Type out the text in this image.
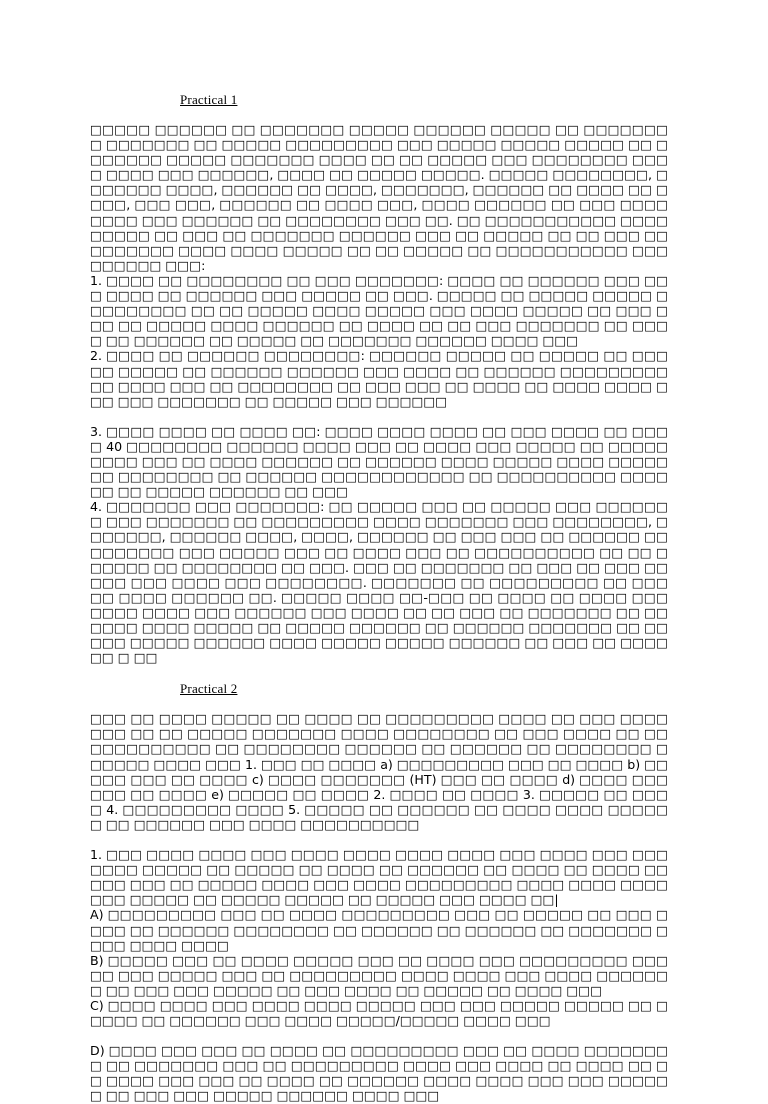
Practical 1

□□□□□ □□□□□□ □□ □□□□□□□ □□□□□ □□□□□□ □□□□□ □□ □□□□□□□□ □□□□□□□ □□ □□□□□ □□□□□□□□□ □□□ □□□□□ □□□□□ □□□□□ □□ □□□□□□□ □□□□□ □□□□□□□ □□□□ □□ □□ □□□□□ □□□ □□□□□□□□ □□□□ □□□□ □□□ □□□□□□, □□□□ □□ □□□□□ □□□□□. □□□□□ □□□□□□□□, □□□□□□□ □□□□, □□□□□□ □□ □□□□, □□□□□□□, □□□□□□ □□ □□□□ □□ □□□□, □□□ □□□, □□□□□□ □□ □□□□ □□□, □□□□ □□□□□□ □□ □□□ □□□□ □□□□ □□□ □□□□□□ □□ □□□□□□□□ □□□ □□. □□ □□□□□□□□□□□ □□□□□□□□□ □□ □□□ □□ □□□□□□□ □□□□□□ □□□ □□ □□□□□ □□ □□ □□□ □□ □□□□□□□ □□□□ □□□□ □□□□□ □□ □□ □□□□□ □□ □□□□□□□□□□□ □□□ □□□□□□ □□□:

1. □□□□ □□ □□□□□□□□ □□ □□□ □□□□□□□: □□□□ □□ □□□□□□ □□□ □□□ □□□□ □□ □□□□□□ □□□ □□□□□ □□ □□□. □□□□□ □□ □□□□□ □□□□□ □□□□□□□□□ □□ □□ □□□□□ □□□□ □□□□□ □□□ □□□□ □□□□□ □□ □□□ □□□ □□ □□□□□ □□□□ □□□□□□ □□ □□□□ □□ □□ □□□ □□□□□□□ □□ □□□□ □□ □□□□□□ □□ □□□□□ □□ □□□□□□□ □□□□□□ □□□□ □□□

2. □□□□ □□ □□□□□□ □□□□□□□□: □□□□□□ □□□□□ □□ □□□□□ □□ □□□ □□ □□□□□ □□ □□□□□□ □□□□□□ □□□ □□□□ □□ □□□□□□ □□□□□□□□□ □□ □□□□ □□□ □□ □□□□□□□□ □□ □□□ □□□ □□ □□□□ □□ □□□□ □□□□ □□□ □□□ □□□□□□□ □□ □□□□□ □□□ □□□□□□

3. □□□□ □□□□ □□ □□□□ □□: □□□□ □□□□ □□□□ □□ □□□ □□□□ □□ □□□□ 40 □□□□□□□□ □□□□□□ □□□□ □□□ □□ □□□□ □□□ □□□□□ □□ □□□□□□□□□ □□□ □□ □□□□ □□□□□□ □□ □□□□□□ □□□□ □□□□□ □□□□ □□□□□□□ □□□□□□□□ □□ □□□□□□ □□□□□□□□□□□□ □□ □□□□□□□□□□ □□□□□□ □□ □□□□□ □□□□□□ □□ □□□

4. □□□□□□□ □□□ □□□□□□□: □□ □□□□□ □□□ □□ □□□□□ □□□ □□□□□□□ □□□ □□□□□□□ □□ □□□□□□□□□ □□□□ □□□□□□□ □□□ □□□□□□□□, □□□□□□□, □□□□□□ □□□□, □□□□, □□□□□□ □□ □□□ □□□ □□ □□□□□□ □□ □□□□□□□ □□□ □□□□□ □□□ □□ □□□□ □□□ □□ □□□□□□□□□□ □□ □□ □□□□□□ □□ □□□□□□□□ □□ □□□. □□□ □□ □□□□□□□ □□ □□□ □□ □□□ □□ □□□ □□□ □□□□ □□□ □□□□□□□□. □□□□□□□ □□ □□□□□□□□□ □□ □□□ □□ □□□□ □□□□□□ □□. □□□□□ □□□□ □□-□□□ □□ □□□□ □□ □□□□ □□□ □□□□ □□□□ □□□ □□□□□□ □□□ □□□□ □□ □□ □□□ □□ □□□□□□□ □□ □□□□□□ □□□□ □□□□□ □□ □□□□□ □□□□□□ □□ □□□□□□ □□□□□□□ □□ □□□□□ □□□□□ □□□□□□ □□□□ □□□□□ □□□□□ □□□□□□ □□ □□□ □□ □□□□□□ □ □□

Practical 2

□□□ □□ □□□□ □□□□□ □□ □□□□ □□ □□□□□□□□□ □□□□ □□ □□□ □□□□□□□ □□ □□ □□□□□ □□□□□□□ □□□□ □□□□□□□□ □□ □□□ □□□□ □□ □□ □□□□□□□□□□ □□ □□□□□□□□ □□□□□□ □□ □□□□□□ □□ □□□□□□□□ □□□□□□ □□□□ □□□ 1. □□□ □□ □□□□ a) □□□□□□□□□ □□□ □□ □□□□ b) □□□□□ □□□ □□ □□□□ c) □□□□ □□□□□□□ (HT) □□□ □□ □□□□ d) □□□□ □□□ □□□ □□ □□□□ e) □□□□□ □□ □□□□ 2. □□□□ □□ □□□□ 3. □□□□□ □□ □□□□ 4. □□□□□□□□□ □□□□ 5. □□□□□ □□ □□□□□□ □□ □□□□ □□□□ □□□□□□ □□ □□□□□□ □□□ □□□□ □□□□□□□□□□

1. □□□ □□□□ □□□□ □□□ □□□□ □□□□ □□□□ □□□□ □□□ □□□□ □□□ □□□□□□□ □□□□□ □□ □□□□□ □□ □□□□ □□ □□□□□□ □□ □□□□ □□ □□□□ □□ □□□ □□□ □□ □□□□□ □□□□ □□□ □□□□ □□□□□□□□□ □□□□ □□□□ □□□□ □□□ □□□□□ □□ □□□□□ □□□□□ □□ □□□□□ □□□ □□□□ □□|

A) □□□□□□□□□ □□□ □□ □□□□ □□□□□□□□□ □□□ □□ □□□□□ □□ □□□ □□□□ □□ □□□□□□ □□□□□□□□ □□ □□□□□□ □□ □□□□□□ □□ □□□□□□□ □□□□ □□□□ □□□□

B) □□□□□ □□□ □□ □□□□ □□□□□ □□□ □□ □□□□ □□□ □□□□□□□□□ □□□ □□ □□□ □□□□□ □□□ □□ □□□□□□□□□ □□□□ □□□□ □□□ □□□□ □□□□□□□ □□ □□□ □□□ □□□□□ □□ □□□ □□□□ □□ □□□□□ □□ □□□□ □□□

C) □□□□ □□□□ □□□ □□□□ □□□□ □□□□□ □□□ □□□ □□□□□ □□□□□ □□ □□□□□ □□ □□□□□□ □□□ □□□□ □□□□□/□□□□□ □□□□ □□□

D) □□□□ □□□ □□□ □□ □□□□ □□ □□□□□□□□□ □□□ □□ □□□□ □□□□□□□□ □□ □□□□□□□ □□□ □□ □□□□□□□□□ □□□□ □□□ □□□□ □□ □□□□ □□ □□ □□□□ □□□ □□□ □□ □□□□ □□ □□□□□□ □□□□ □□□□ □□□ □□□ □□□□□□ □□ □□□ □□□ □□□□□ □□□□□□ □□□□ □□□
